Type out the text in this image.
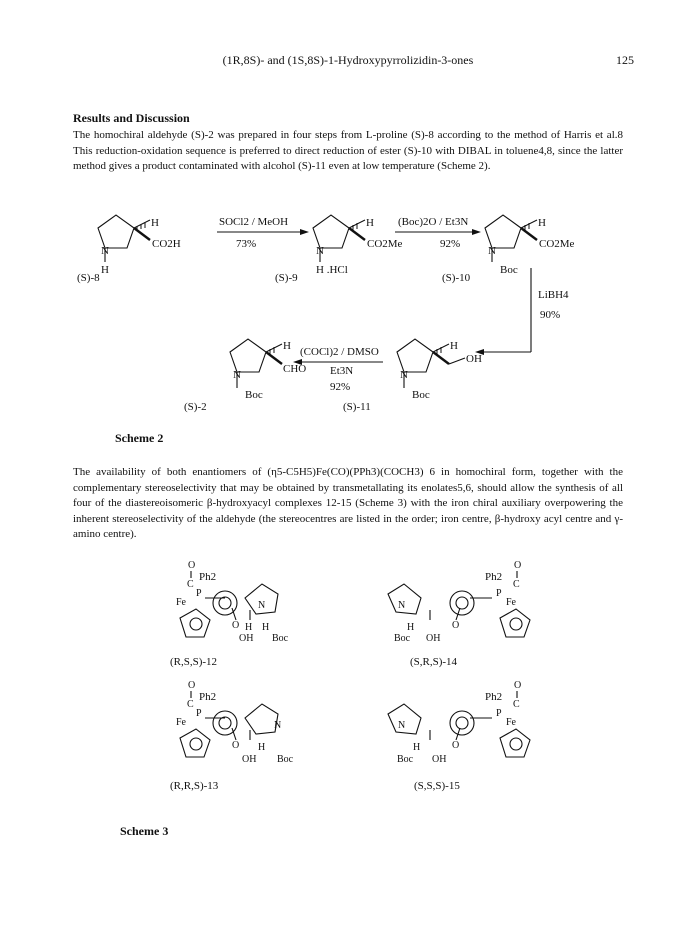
(1R,8S)- and (1S,8S)-1-Hydroxypyrrolizidin-3-ones	125
Results and Discussion
The homochiral aldehyde (S)-2 was prepared in four steps from L-proline (S)-8 according to the method of Harris et al.8 This reduction-oxidation sequence is preferred to direct reduction of ester (S)-10 with DIBAL in toluene4,8, since the latter method gives a product contaminated with alcohol (S)-11 even at low temperature (Scheme 2).
H
N
CO2H
H
(S)-8
SOCl2 / MeOH
73%
H
N
CO2Me
H .HCl
(S)-9
(Boc)2O / Et3N
92%
H
N
CO2Me
Boc
(S)-10
LiBH4
90%
H
N
OH
Boc
(S)-11
(COCl)2 / DMSO
Et3N
92%
H
N	CHO
Boc
(S)-2
O
C
Ph2
P
Fe
O
N
H
OH
H
Boc
(R,S,S)-12
O
C
Ph2
P
Fe
O
N
H
Boc OH
(S,R,S)-14
O
C
Ph2
P
Fe
O
N
H
OH Boc
(R,R,S)-13
O
C
Ph2
P
Fe
O
N
H
Boc OH
(S,S,S)-15
Scheme 2
The availability of both enantiomers of (η5-C5H5)Fe(CO)(PPh3)(COCH3) 6 in homochiral form, together with the complementary stereoselectivity that may be obtained by transmetallating its enolates5,6, should allow the synthesis of all four of the diastereoisomeric β-hydroxyacyl complexes 12-15 (Scheme 3) with the iron chiral auxiliary overpowering the inherent stereoselectivity of the aldehyde (the stereocentres are listed in the order; iron centre, β-hydroxy acyl centre and γ-amino centre).
Scheme 3
